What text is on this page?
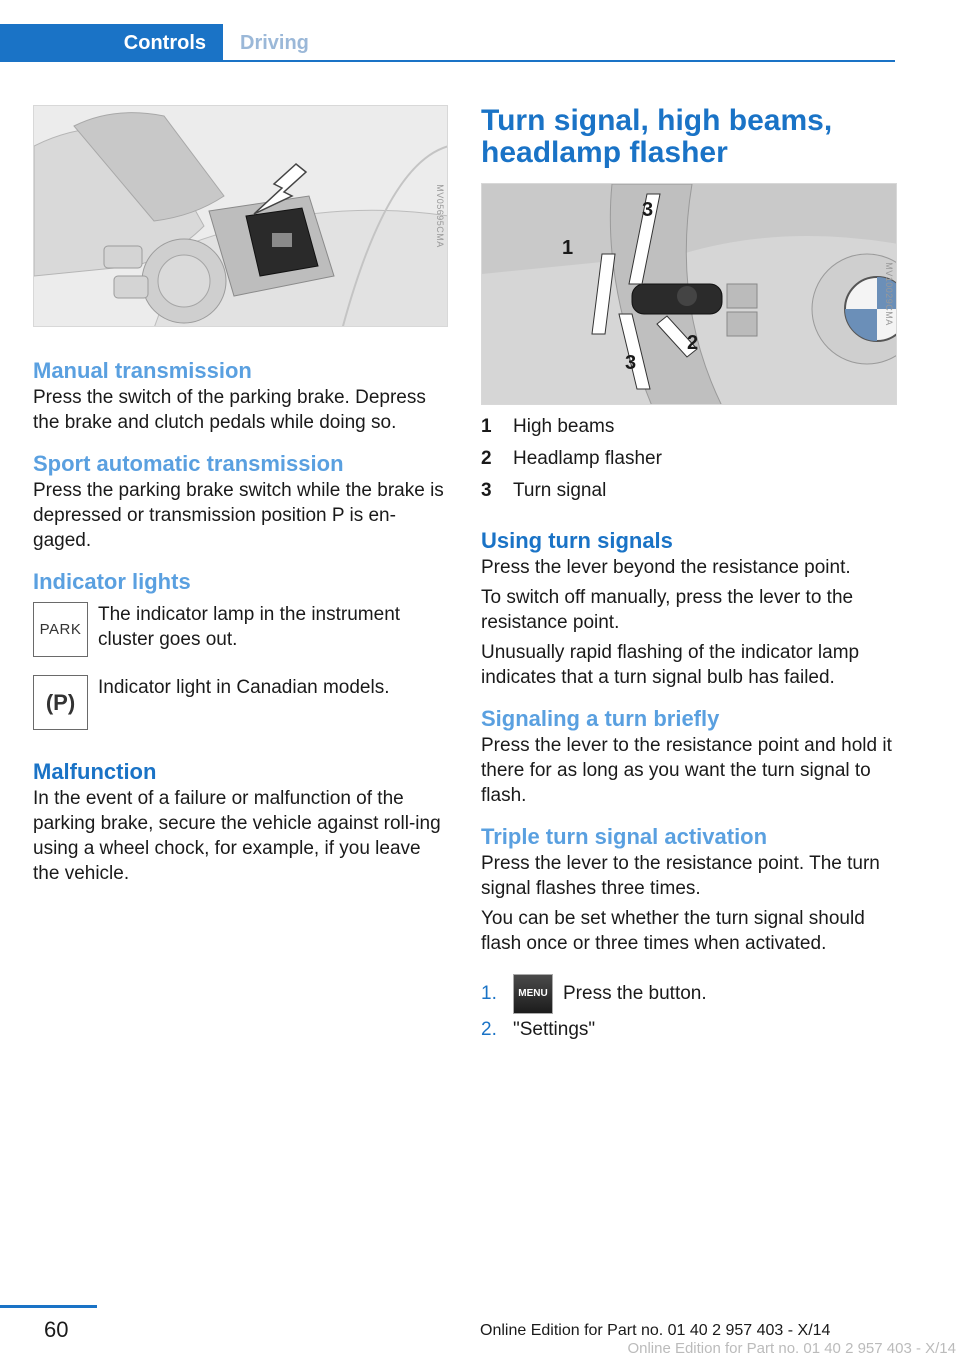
Controls	Driving
MV05695CMA
Manual transmission

Press the switch of the parking brake. Depress the brake and clutch pedals while doing so.

Sport automatic transmission

Press the parking brake switch while the brake is depressed or transmission position P is en‐gaged.

Indicator lights
PARK
The indicator lamp in the instrument cluster goes out.
(P)
Indicator light in Canadian models.
Malfunction

In the event of a failure or malfunction of the parking brake, secure the vehicle against roll‐ing using a wheel chock, for example, if you leave the vehicle.

Turn signal, high beams, headlamp flasher
3
1
2
3
MV10029CMA
1	High beams
2	Headlamp flasher
3	Turn signal
Using turn signals

Press the lever beyond the resistance point.

To switch off manually, press the lever to the resistance point.

Unusually rapid flashing of the indicator lamp indicates that a turn signal bulb has failed.

Signaling a turn briefly

Press the lever to the resistance point and hold it there for as long as you want the turn signal to flash.

Triple turn signal activation

Press the lever to the resistance point. The turn signal flashes three times.

You can be set whether the turn signal should flash once or three times when activated.

1.	MENU Press the button.
2. "Settings"
60	Online Edition for Part no. 01 40 2 957 403 - X/14
Online Edition for Part no. 01 40 2 957 403 - X/14
